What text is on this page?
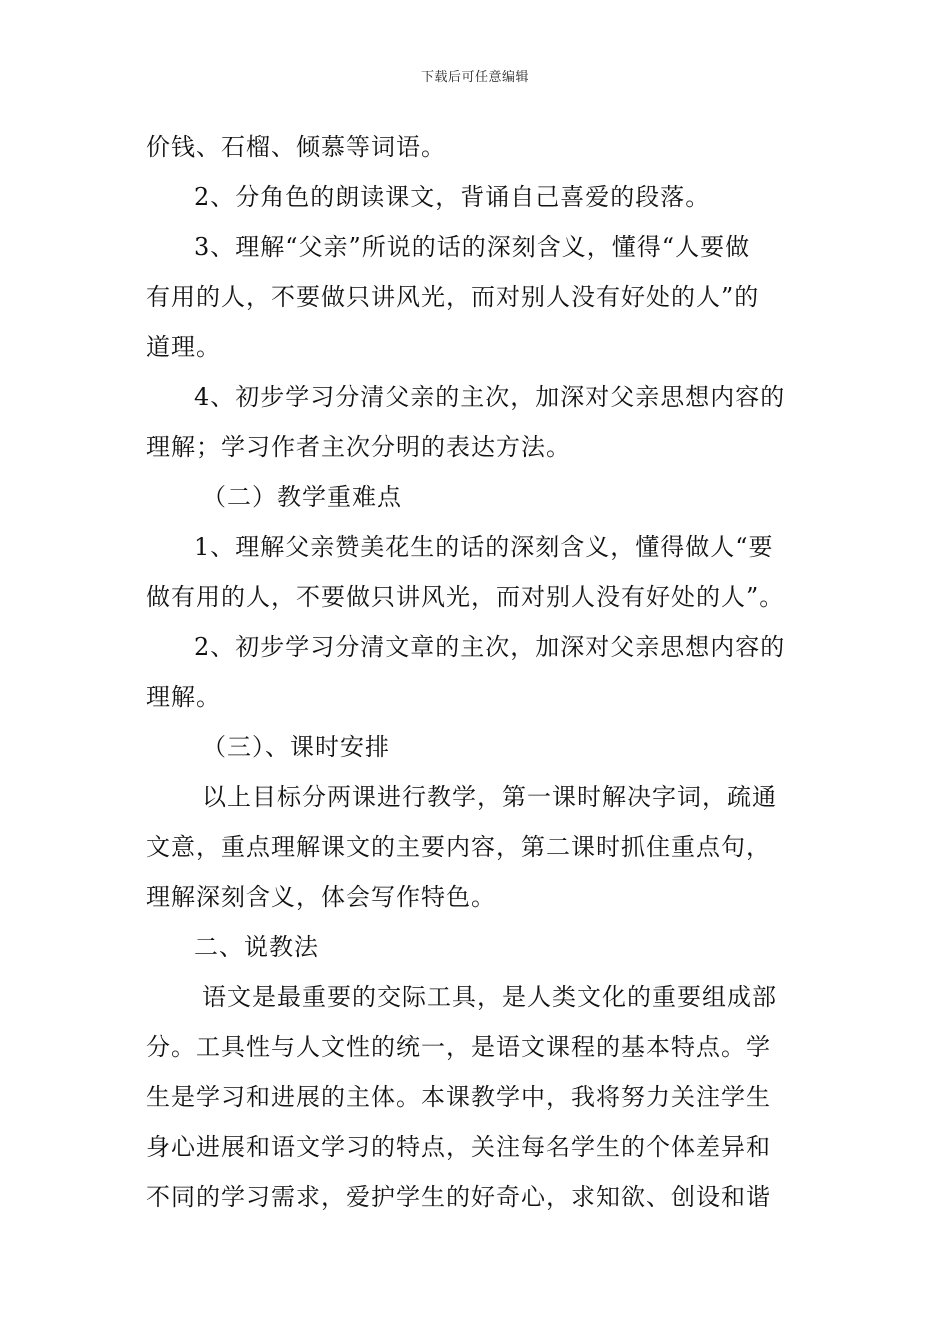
下载后可任意编辑
价钱、石榴、倾慕等词语。
2、分角色的朗读课文，背诵自己喜爱的段落。
3、理解“父亲”所说的话的深刻含义，懂得“人要做
有用的人，不要做只讲风光，而对别人没有好处的人”的
道理。
4、初步学习分清父亲的主次，加深对父亲思想内容的
理解；学习作者主次分明的表达方法。
（二）教学重难点
1、理解父亲赞美花生的话的深刻含义，懂得做人“要
做有用的人，不要做只讲风光，而对别人没有好处的人”。
2、初步学习分清文章的主次，加深对父亲思想内容的
理解。
（三）、课时安排
以上目标分两课进行教学，第一课时解决字词，疏通
文意，重点理解课文的主要内容，第二课时抓住重点句，
理解深刻含义，体会写作特色。
二、说教法
语文是最重要的交际工具，是人类文化的重要组成部
分。工具性与人文性的统一，是语文课程的基本特点。学
生是学习和进展的主体。本课教学中，我将努力关注学生
身心进展和语文学习的特点，关注每名学生的个体差异和
不同的学习需求，爱护学生的好奇心，求知欲、创设和谐
